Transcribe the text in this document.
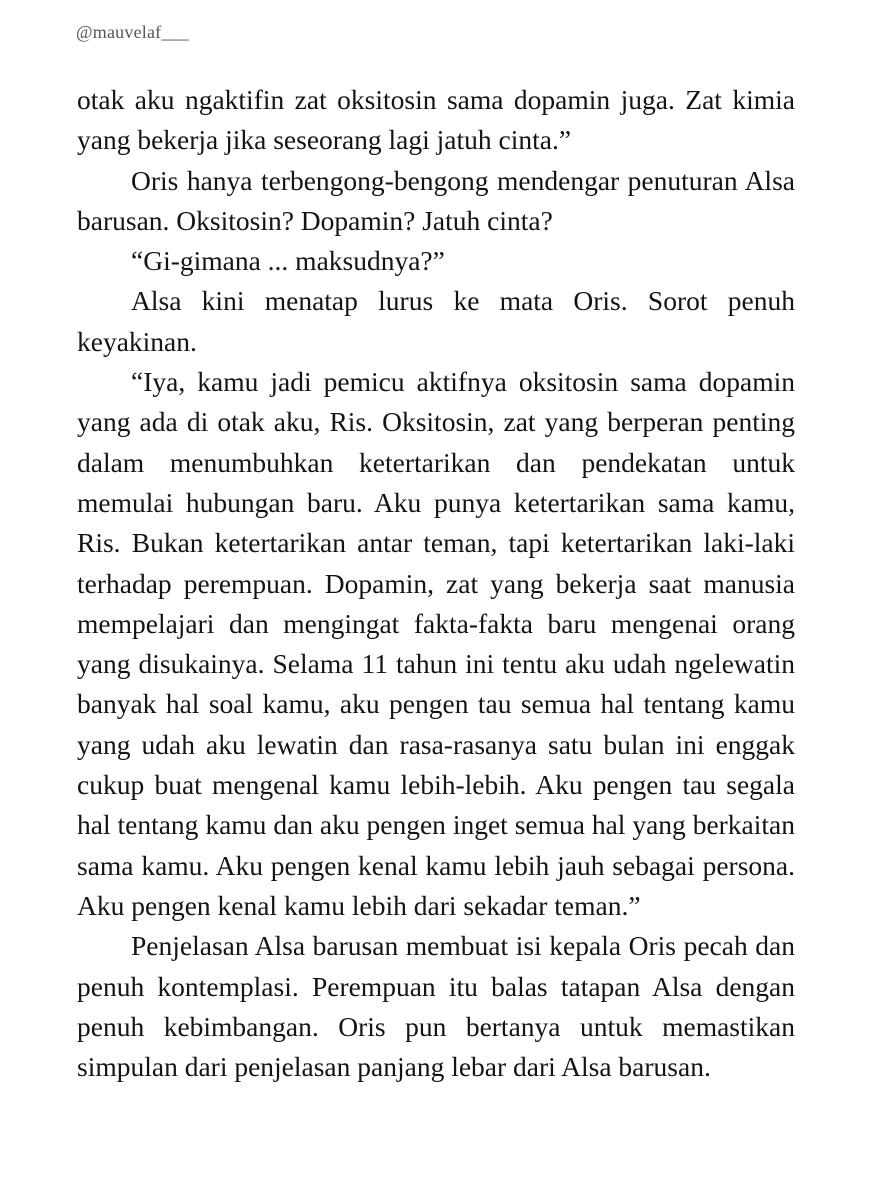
@mauvelaf___

otak aku ngaktifin zat oksitosin sama dopamin juga. Zat kimia yang bekerja jika seseorang lagi jatuh cinta.”

Oris hanya terbengong-bengong mendengar penuturan Alsa barusan. Oksitosin? Dopamin? Jatuh cinta?

“Gi-gimana ... maksudnya?”

Alsa kini menatap lurus ke mata Oris. Sorot penuh keyakinan.

“Iya, kamu jadi pemicu aktifnya oksitosin sama dopamin yang ada di otak aku, Ris. Oksitosin, zat yang berperan penting dalam menumbuhkan ketertarikan dan pendekatan untuk memulai hubungan baru. Aku punya ketertarikan sama kamu, Ris. Bukan ketertarikan antar teman, tapi ketertarikan laki-laki terhadap perempuan. Dopamin, zat yang bekerja saat manusia mempelajari dan mengingat fakta-fakta baru mengenai orang yang disukainya. Selama 11 tahun ini tentu aku udah ngelewatin banyak hal soal kamu, aku pengen tau semua hal tentang kamu yang udah aku lewatin dan rasa-rasanya satu bulan ini enggak cukup buat mengenal kamu lebih-lebih. Aku pengen tau segala hal tentang kamu dan aku pengen inget semua hal yang berkaitan sama kamu. Aku pengen kenal kamu lebih jauh sebagai persona. Aku pengen kenal kamu lebih dari sekadar teman.”

Penjelasan Alsa barusan membuat isi kepala Oris pecah dan penuh kontemplasi. Perempuan itu balas tatapan Alsa dengan penuh kebimbangan. Oris pun bertanya untuk memastikan simpulan dari penjelasan panjang lebar dari Alsa barusan.
